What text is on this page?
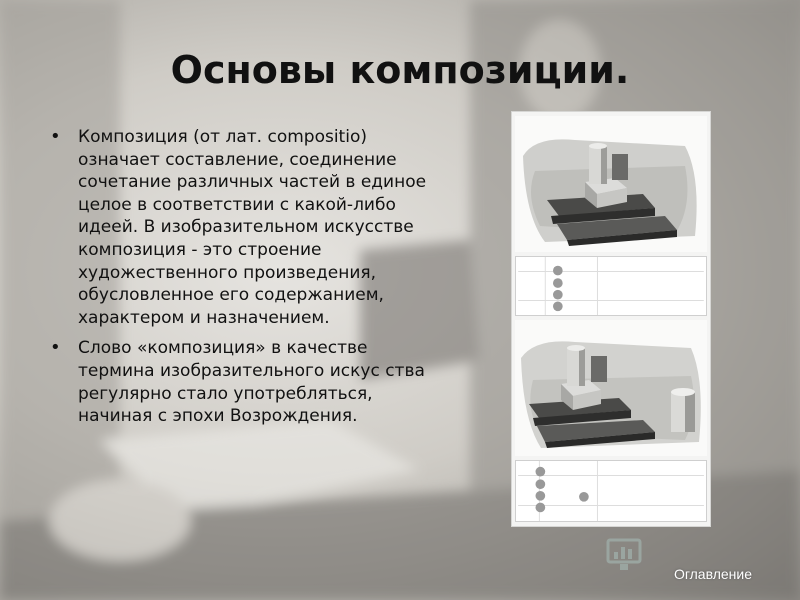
Основы композиции.
• Композиция (от лат. compositio) означает составление, соединение сочетание различных частей в единое целое в соответствии с какой-либо идеей. В изобразительном искусстве композиция - это строение художественного произведения, обусловленное его содержанием, характером и назначением.
• Слово «композиция» в качестве термина изобразительного искус ства регулярно стало употребляться, начиная с эпохи Возрождения.
Оглавление
